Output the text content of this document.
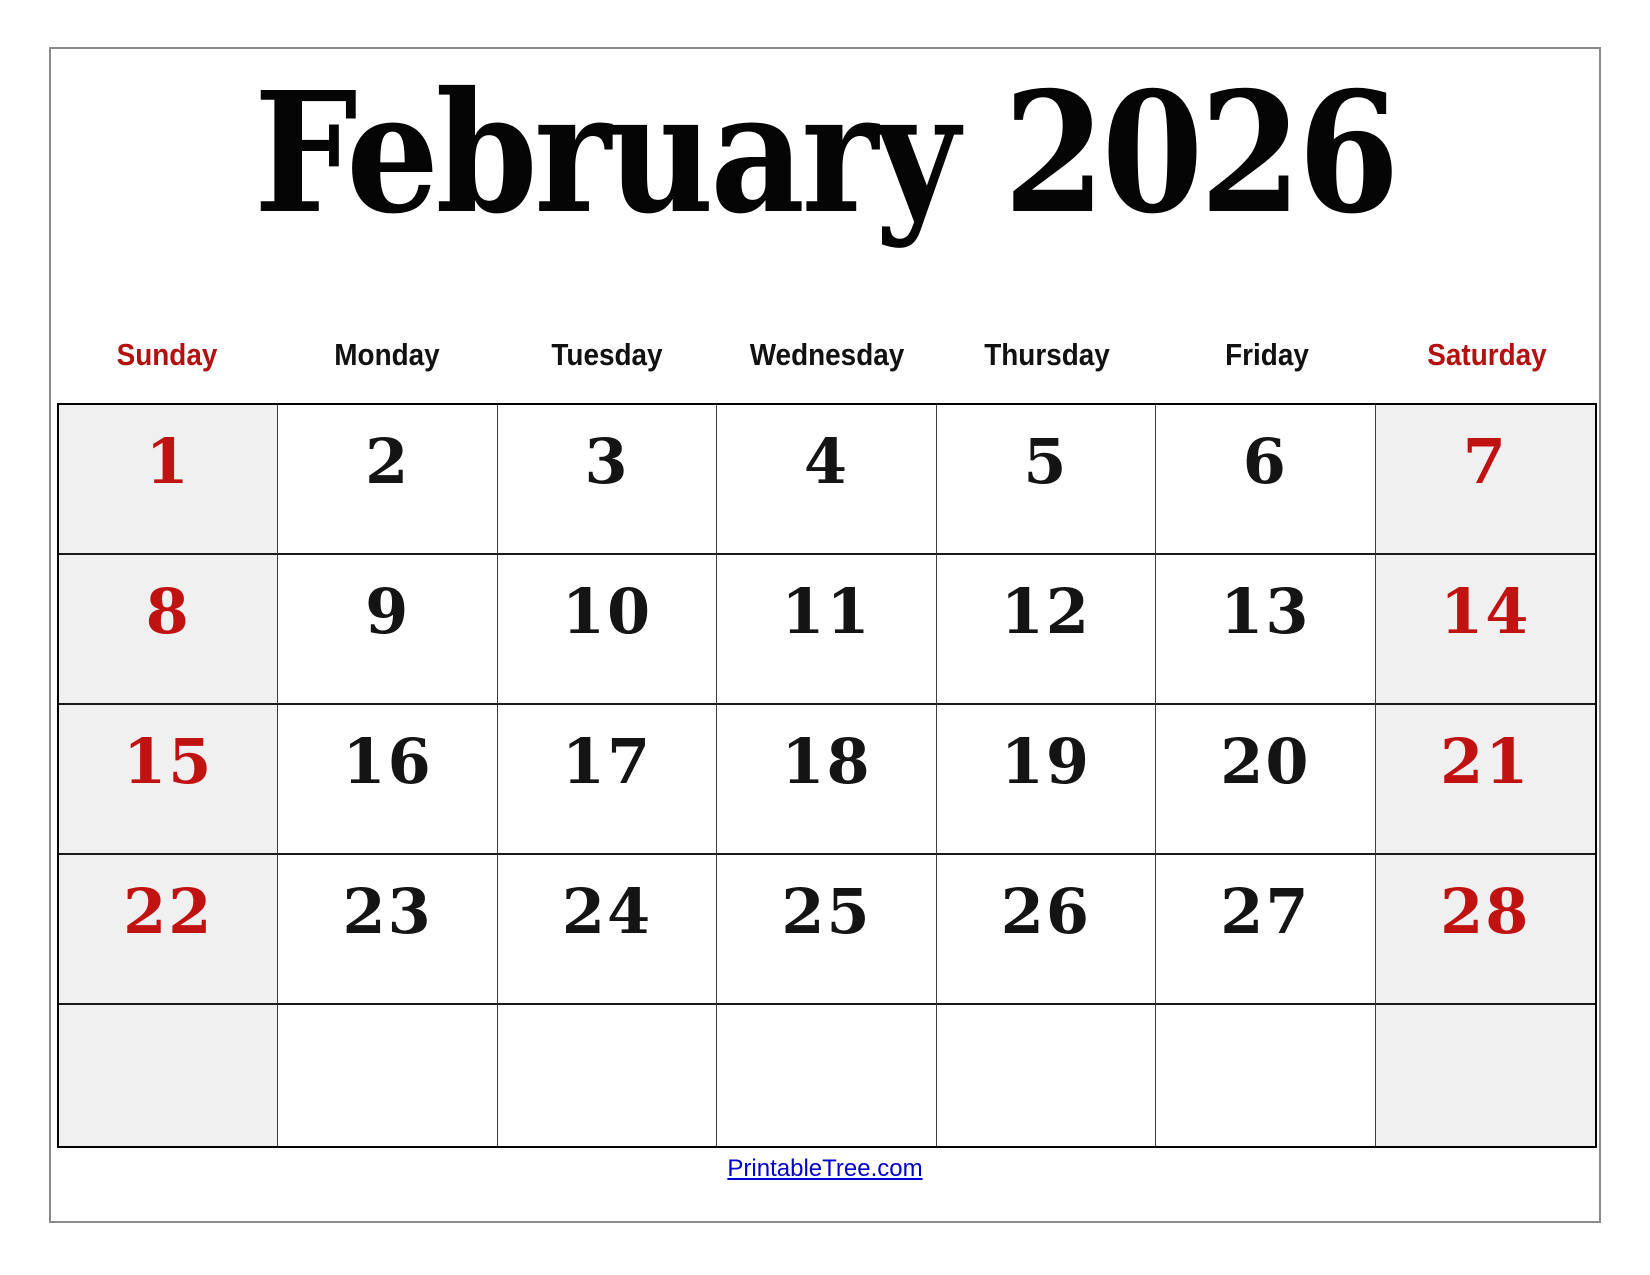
February 2026
Sunday	Monday	Tuesday	Wednesday	Thursday	Friday	Saturday
1	2	3	4	5	6	7
8	9	10	11	12	13	14
15	16	17	18	19	20	21
22	23	24	25	26	27	28
PrintableTree.com
